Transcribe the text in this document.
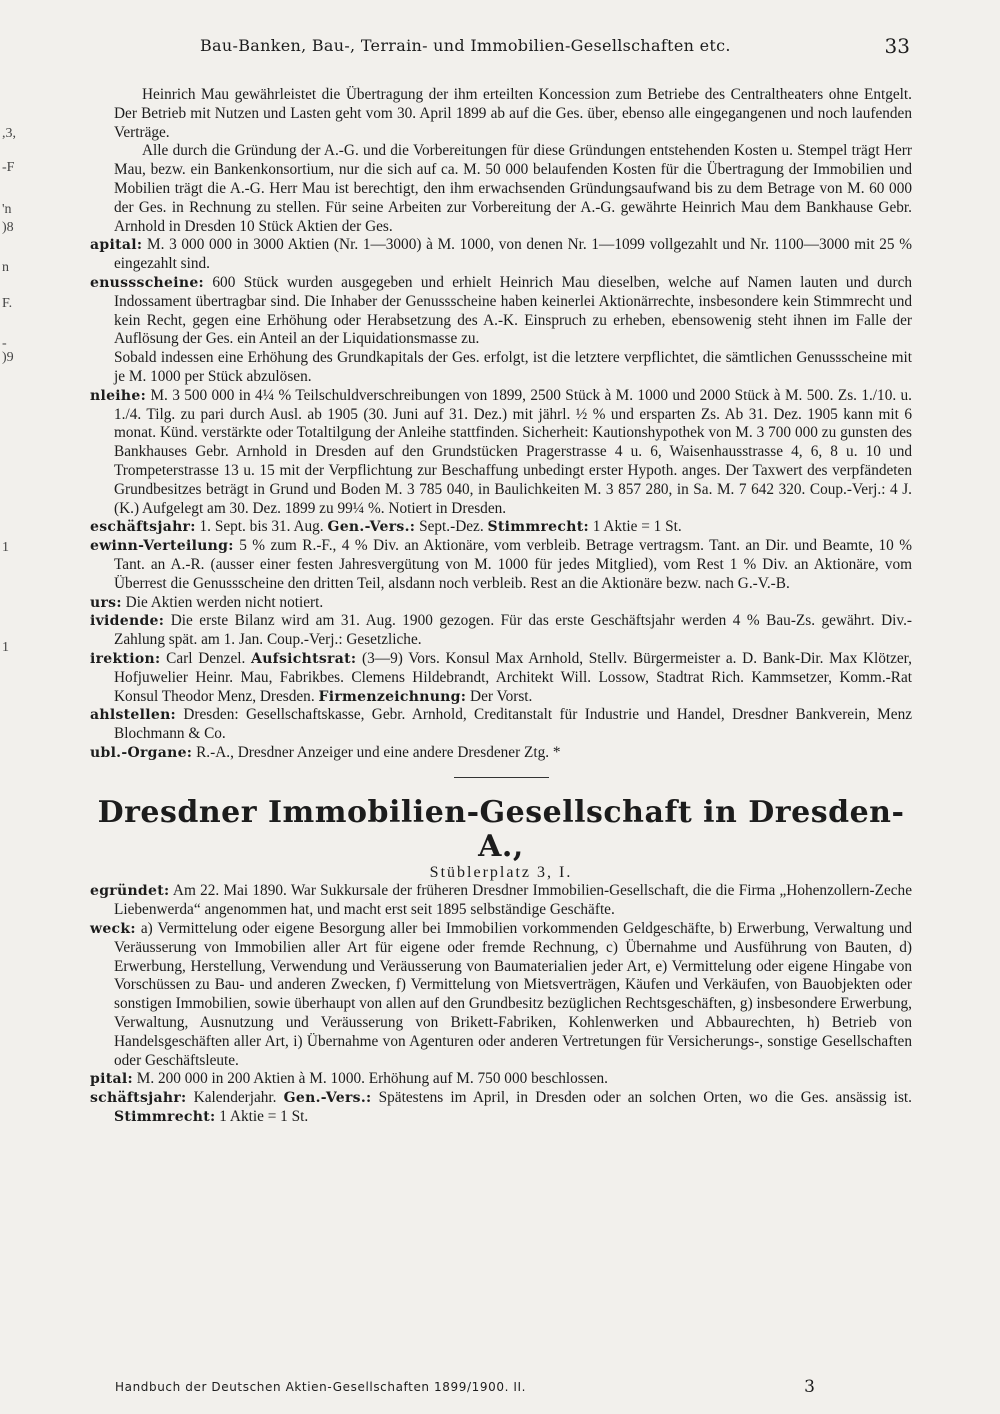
,3,
-F
'n
)8
n
F.
-
)9
1
1
Bau-Banken, Bau-, Terrain- und Immobilien-Gesellschaften etc.	33

Heinrich Mau gewährleistet die Übertragung der ihm erteilten Koncession zum Betriebe des Centraltheaters ohne Entgelt. Der Betrieb mit Nutzen und Lasten geht vom 30. April 1899 ab auf die Ges. über, ebenso alle eingegangenen und noch laufenden Verträge.

Alle durch die Gründung der A.-G. und die Vorbereitungen für diese Gründungen entstehenden Kosten u. Stempel trägt Herr Mau, bezw. ein Bankenkonsortium, nur die sich auf ca. M. 50 000 belaufenden Kosten für die Übertragung der Immobilien und Mobilien trägt die A.-G. Herr Mau ist berechtigt, den ihm erwachsenden Gründungsaufwand bis zu dem Betrage von M. 60 000 der Ges. in Rechnung zu stellen. Für seine Arbeiten zur Vorbereitung der A.-G. gewährte Heinrich Mau dem Bankhause Gebr. Arnhold in Dresden 10 Stück Aktien der Ges.

apital: M. 3 000 000 in 3000 Aktien (Nr. 1—3000) à M. 1000, von denen Nr. 1—1099 vollgezahlt und Nr. 1100—3000 mit 25 % eingezahlt sind.

enussscheine: 600 Stück wurden ausgegeben und erhielt Heinrich Mau dieselben, welche auf Namen lauten und durch Indossament übertragbar sind. Die Inhaber der Genussscheine haben keinerlei Aktionärrechte, insbesondere kein Stimmrecht und kein Recht, gegen eine Erhöhung oder Herabsetzung des A.-K. Einspruch zu erheben, ebensowenig steht ihnen im Falle der Auflösung der Ges. ein Anteil an der Liquidationsmasse zu.

Sobald indessen eine Erhöhung des Grundkapitals der Ges. erfolgt, ist die letztere verpflichtet, die sämtlichen Genussscheine mit je M. 1000 per Stück abzulösen.

nleihe: M. 3 500 000 in 4¼ % Teilschuldverschreibungen von 1899, 2500 Stück à M. 1000 und 2000 Stück à M. 500. Zs. 1./10. u. 1./4. Tilg. zu pari durch Ausl. ab 1905 (30. Juni auf 31. Dez.) mit jährl. ½ % und ersparten Zs. Ab 31. Dez. 1905 kann mit 6 monat. Künd. verstärkte oder Totaltilgung der Anleihe stattfinden. Sicherheit: Kautionshypothek von M. 3 700 000 zu gunsten des Bankhauses Gebr. Arnhold in Dresden auf den Grundstücken Pragerstrasse 4 u. 6, Waisenhausstrasse 4, 6, 8 u. 10 und Trompeterstrasse 13 u. 15 mit der Verpflichtung zur Beschaffung unbedingt erster Hypoth. anges. Der Taxwert des verpfändeten Grundbesitzes beträgt in Grund und Boden M. 3 785 040, in Baulichkeiten M. 3 857 280, in Sa. M. 7 642 320. Coup.-Verj.: 4 J. (K.) Aufgelegt am 30. Dez. 1899 zu 99¼ %. Notiert in Dresden.

eschäftsjahr: 1. Sept. bis 31. Aug. Gen.-Vers.: Sept.-Dez. Stimmrecht: 1 Aktie = 1 St.

ewinn-Verteilung: 5 % zum R.-F., 4 % Div. an Aktionäre, vom verbleib. Betrage vertragsm. Tant. an Dir. und Beamte, 10 % Tant. an A.-R. (ausser einer festen Jahresvergütung von M. 1000 für jedes Mitglied), vom Rest 1 % Div. an Aktionäre, vom Überrest die Genussscheine den dritten Teil, alsdann noch verbleib. Rest an die Aktionäre bezw. nach G.-V.-B.

urs: Die Aktien werden nicht notiert.

ividende: Die erste Bilanz wird am 31. Aug. 1900 gezogen. Für das erste Geschäftsjahr werden 4 % Bau-Zs. gewährt. Div.-Zahlung spät. am 1. Jan. Coup.-Verj.: Gesetzliche.

irektion: Carl Denzel. Aufsichtsrat: (3—9) Vors. Konsul Max Arnhold, Stellv. Bürgermeister a. D. Bank-Dir. Max Klötzer, Hofjuwelier Heinr. Mau, Fabrikbes. Clemens Hildebrandt, Architekt Will. Lossow, Stadtrat Rich. Kammsetzer, Komm.-Rat Konsul Theodor Menz, Dresden. Firmenzeichnung: Der Vorst.

ahlstellen: Dresden: Gesellschaftskasse, Gebr. Arnhold, Creditanstalt für Industrie und Handel, Dresdner Bankverein, Menz Blochmann & Co.

ubl.-Organe: R.-A., Dresdner Anzeiger und eine andere Dresdener Ztg. *

Dresdner Immobilien-Gesellschaft in Dresden-A.,

Stüblerplatz 3, I.

egründet: Am 22. Mai 1890. War Sukkursale der früheren Dresdner Immobilien-Gesellschaft, die die Firma „Hohenzollern-Zeche Liebenwerda“ angenommen hat, und macht erst seit 1895 selbständige Geschäfte.

weck: a) Vermittelung oder eigene Besorgung aller bei Immobilien vorkommenden Geldgeschäfte, b) Erwerbung, Verwaltung und Veräusserung von Immobilien aller Art für eigene oder fremde Rechnung, c) Übernahme und Ausführung von Bauten, d) Erwerbung, Herstellung, Verwendung und Veräusserung von Baumaterialien jeder Art, e) Vermittelung oder eigene Hingabe von Vorschüssen zu Bau- und anderen Zwecken, f) Vermittelung von Mietsverträgen, Käufen und Verkäufen, von Bauobjekten oder sonstigen Immobilien, sowie überhaupt von allen auf den Grundbesitz bezüglichen Rechtsgeschäften, g) insbesondere Erwerbung, Verwaltung, Ausnutzung und Veräusserung von Brikett-Fabriken, Kohlenwerken und Abbaurechten, h) Betrieb von Handelsgeschäften aller Art, i) Übernahme von Agenturen oder anderen Vertretungen für Versicherungs-, sonstige Gesellschaften oder Geschäftsleute.

pital: M. 200 000 in 200 Aktien à M. 1000. Erhöhung auf M. 750 000 beschlossen.

schäftsjahr: Kalenderjahr. Gen.-Vers.: Spätestens im April, in Dresden oder an solchen Orten, wo die Ges. ansässig ist. Stimmrecht: 1 Aktie = 1 St.

Handbuch der Deutschen Aktien-Gesellschaften 1899/1900. II.	3
